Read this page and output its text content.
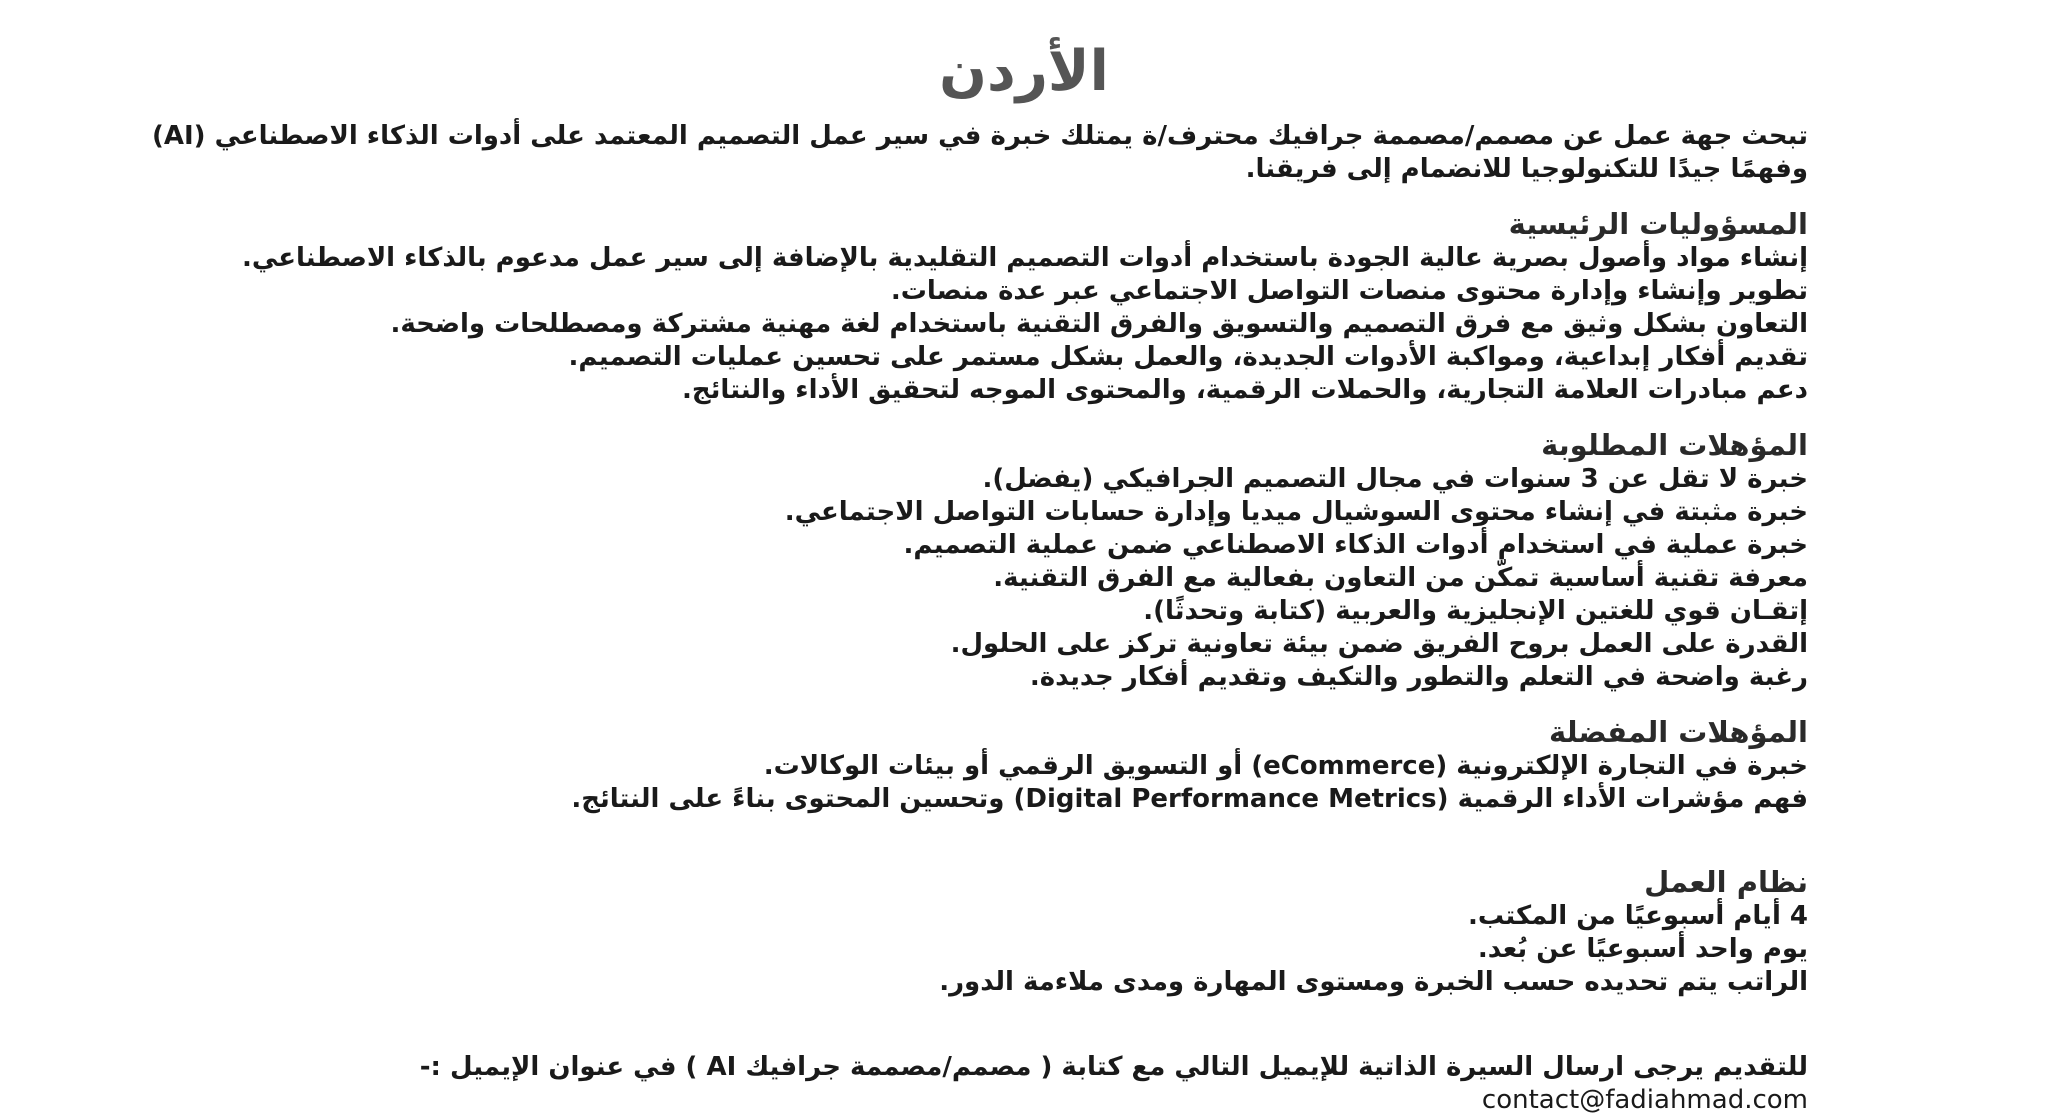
الأردن
تبحث جهة عمل عن مصمم/مصممة جرافيك محترف/ة يمتلك خبرة في سير عمل التصميم المعتمد على أدوات الذكاء الاصطناعي (AI) وفهمًا جيدًا للتكنولوجيا للانضمام إلى فريقنا.
المسؤوليات الرئيسية
إنشاء مواد وأصول بصرية عالية الجودة باستخدام أدوات التصميم التقليدية بالإضافة إلى سير عمل مدعوم بالذكاء الاصطناعي.
تطوير وإنشاء وإدارة محتوى منصات التواصل الاجتماعي عبر عدة منصات.
التعاون بشكل وثيق مع فرق التصميم والتسويق والفرق التقنية باستخدام لغة مهنية مشتركة ومصطلحات واضحة.
تقديم أفكار إبداعية، ومواكبة الأدوات الجديدة، والعمل بشكل مستمر على تحسين عمليات التصميم.
دعم مبادرات العلامة التجارية، والحملات الرقمية، والمحتوى الموجه لتحقيق الأداء والنتائج.
المؤهلات المطلوبة
خبرة لا تقل عن 3 سنوات في مجال التصميم الجرافيكي (يفضل).
خبرة مثبتة في إنشاء محتوى السوشيال ميديا وإدارة حسابات التواصل الاجتماعي.
خبرة عملية في استخدام أدوات الذكاء الاصطناعي ضمن عملية التصميم.
معرفة تقنية أساسية تمكّن من التعاون بفعالية مع الفرق التقنية.
إتقـان قوي للغتين الإنجليزية والعربية (كتابة وتحدثًا).
القدرة على العمل بروح الفريق ضمن بيئة تعاونية تركز على الحلول.
رغبة واضحة في التعلم والتطور والتكيف وتقديم أفكار جديدة.
المؤهلات المفضلة
خبرة في التجارة الإلكترونية (eCommerce) أو التسويق الرقمي أو بيئات الوكالات.
فهم مؤشرات الأداء الرقمية (Digital Performance Metrics) وتحسين المحتوى بناءً على النتائج.
نظام العمل
4 أيام أسبوعيًا من المكتب.
يوم واحد أسبوعيًا عن بُعد.
الراتب يتم تحديده حسب الخبرة ومستوى المهارة ومدى ملاءمة الدور.
للتقديم يرجى ارسال السيرة الذاتية للإيميل التالي مع كتابة ( مصمم/مصممة جرافيك AI ) في عنوان الإيميل :-
contact@fadiahmad.com
